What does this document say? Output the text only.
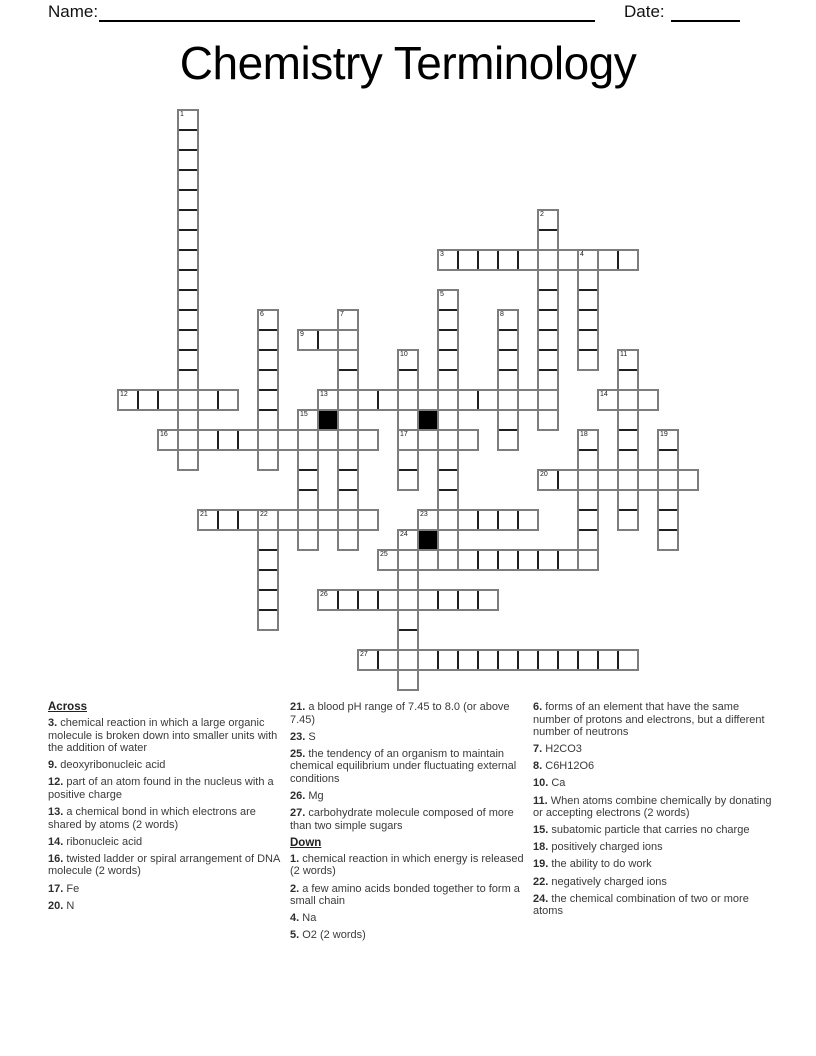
Name:	Date:
Chemistry Terminology
3
9
12	13	14
16	17
20
21	23
25
26
27
1
2
4
5
6	7	8
10	11
15
18	19
22
24
Across

3. chemical reaction in which a large organic molecule is broken down into smaller units with the addition of water

9. deoxyribonucleic acid

12. part of an atom found in the nucleus with a positive charge

13. a chemical bond in which electrons are shared by atoms (2 words)

14. ribonucleic acid

16. twisted ladder or spiral arrangement of DNA molecule (2 words)

17. Fe

20. N

21. a blood pH range of 7.45 to 8.0 (or above 7.45)

23. S

25. the tendency of an organism to maintain chemical equilibrium under fluctuating external conditions

26. Mg

27. carbohydrate molecule composed of more than two simple sugars

Down

1. chemical reaction in which energy is released (2 words)

2. a few amino acids bonded together to form a small chain

4. Na

5. O2 (2 words)

6. forms of an element that have the same number of protons and electrons, but a different number of neutrons

7. H2CO3

8. C6H12O6

10. Ca

11. When atoms combine chemically by donating or accepting electrons (2 words)

15. subatomic particle that carries no charge

18. positively charged ions

19. the ability to do work

22. negatively charged ions

24. the chemical combination of two or more atoms
